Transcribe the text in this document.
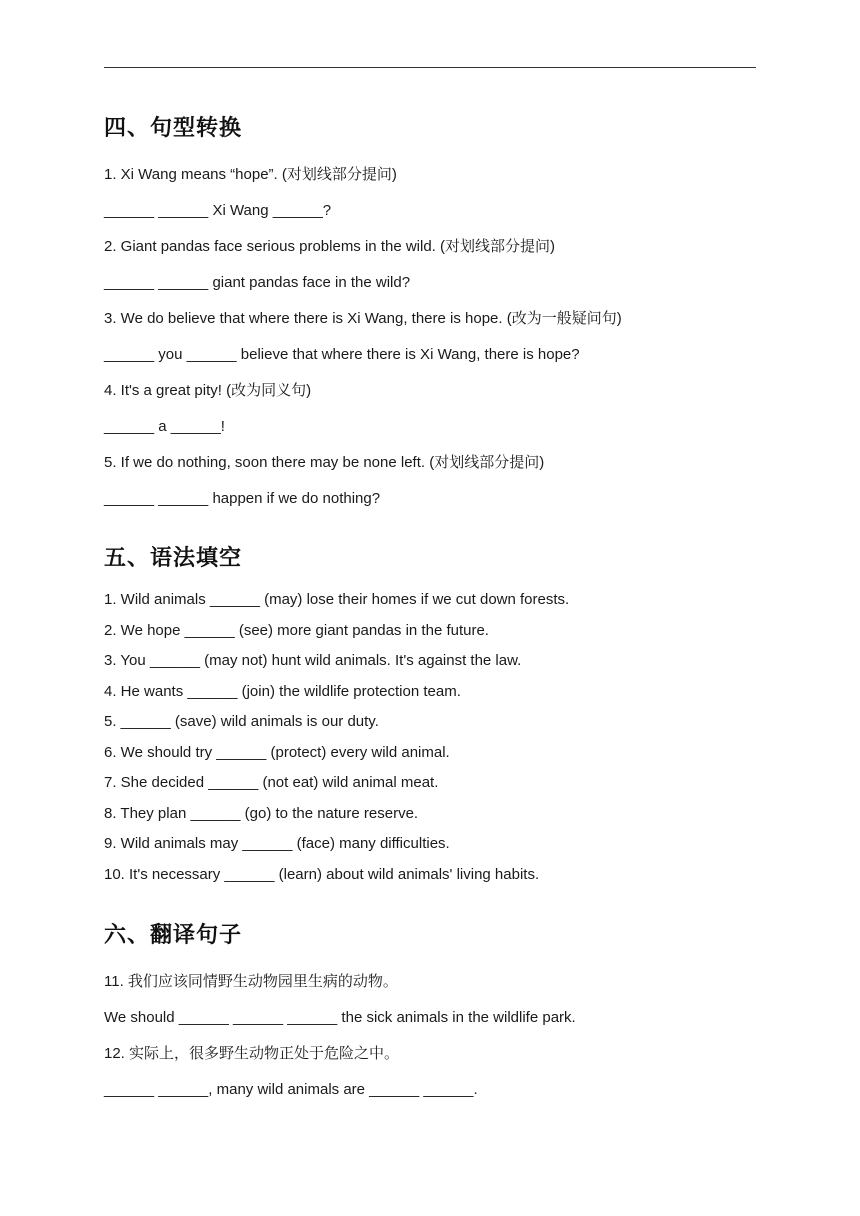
四、句型转换

1. Xi Wang means “hope”. (对划线部分提问)

______ ______ Xi Wang ______?

2. Giant pandas face serious problems in the wild. (对划线部分提问)

______ ______ giant pandas face in the wild?

3. We do believe that where there is Xi Wang, there is hope. (改为一般疑问句)

______ you ______ believe that where there is Xi Wang, there is hope?

4. It's a great pity! (改为同义句)

______ a ______!

5. If we do nothing, soon there may be none left. (对划线部分提问)

______ ______ happen if we do nothing?

五、语法填空

1. Wild animals ______ (may) lose their homes if we cut down forests.

2. We hope ______ (see) more giant pandas in the future.

3. You ______ (may not) hunt wild animals. It's against the law.

4. He wants ______ (join) the wildlife protection team.

5. ______ (save) wild animals is our duty.

6. We should try ______ (protect) every wild animal.

7. She decided ______ (not eat) wild animal meat.

8. They plan ______ (go) to the nature reserve.

9. Wild animals may ______ (face) many difficulties.

10. It's necessary ______ (learn) about wild animals' living habits.

六、翻译句子

11. 我们应该同情野生动物园里生病的动物。

We should ______ ______ ______ the sick animals in the wildlife park.

12. 实际上，很多野生动物正处于危险之中。

______ ______, many wild animals are ______ ______.
